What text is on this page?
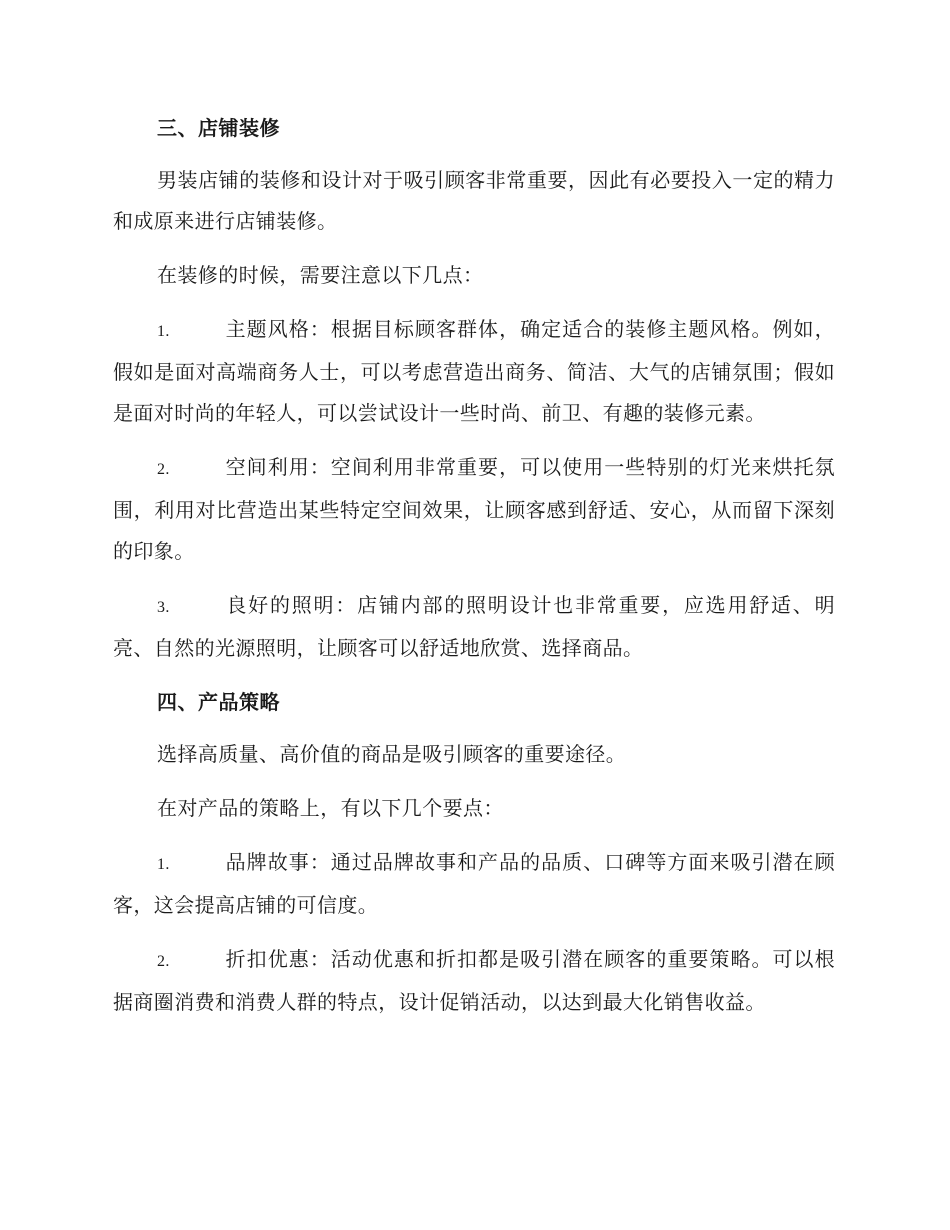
三、店铺装修

男装店铺的装修和设计对于吸引顾客非常重要，因此有必要投入一定的精力和成原来进行店铺装修。

在装修的时候，需要注意以下几点：

1.	主题风格：根据目标顾客群体，确定适合的装修主题风格。例如，假如是面对高端商务人士，可以考虑营造出商务、简洁、大气的店铺氛围；假如是面对时尚的年轻人，可以尝试设计一些时尚、前卫、有趣的装修元素。

2.	空间利用：空间利用非常重要，可以使用一些特别的灯光来烘托氛围，利用对比营造出某些特定空间效果，让顾客感到舒适、安心，从而留下深刻的印象。

3.	良好的照明：店铺内部的照明设计也非常重要，应选用舒适、明亮、自然的光源照明，让顾客可以舒适地欣赏、选择商品。

四、产品策略

选择高质量、高价值的商品是吸引顾客的重要途径。

在对产品的策略上，有以下几个要点：

1.	品牌故事：通过品牌故事和产品的品质、口碑等方面来吸引潜在顾客，这会提高店铺的可信度。

2.	折扣优惠：活动优惠和折扣都是吸引潜在顾客的重要策略。可以根据商圈消费和消费人群的特点，设计促销活动，以达到最大化销售收益。
